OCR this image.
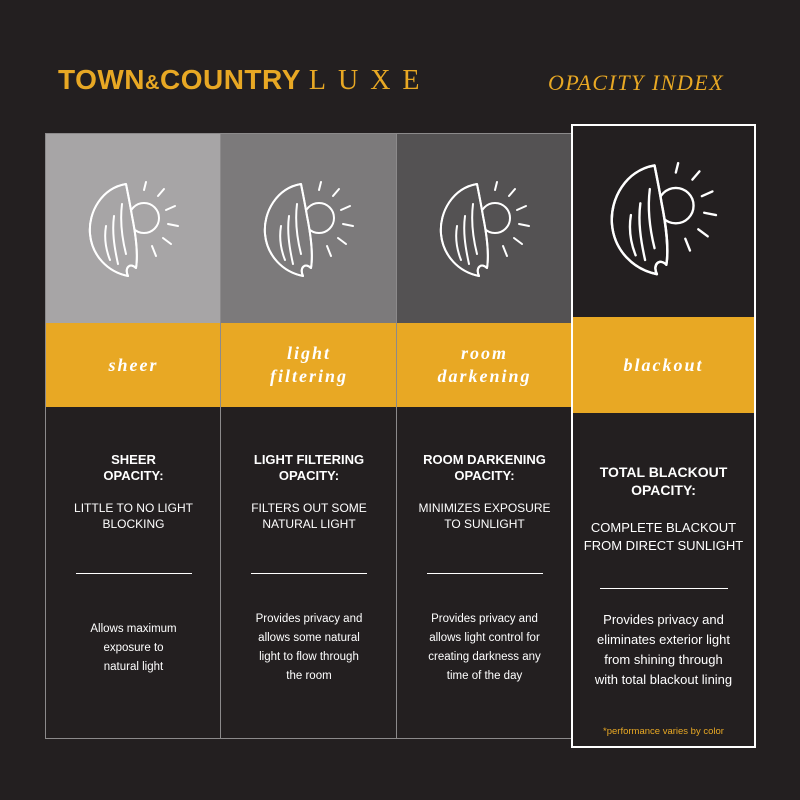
TOWN&COUNTRY LUXE	OPACITY INDEX
sheer
SHEER
OPACITY:
LITTLE TO NO LIGHT
BLOCKING
Allows maximum
exposure to
natural light
light
filtering
LIGHT FILTERING
OPACITY:
FILTERS OUT SOME
NATURAL LIGHT
Provides privacy and
allows some natural
light to flow through
the room
room
darkening
ROOM DARKENING
OPACITY:
MINIMIZES EXPOSURE
TO SUNLIGHT
Provides privacy and
allows light control for
creating darkness any
time of the day
blackout
TOTAL BLACKOUT
OPACITY:
COMPLETE BLACKOUT
FROM DIRECT SUNLIGHT
Provides privacy and
eliminates exterior light
from shining through
with total blackout lining
*performance varies by color
